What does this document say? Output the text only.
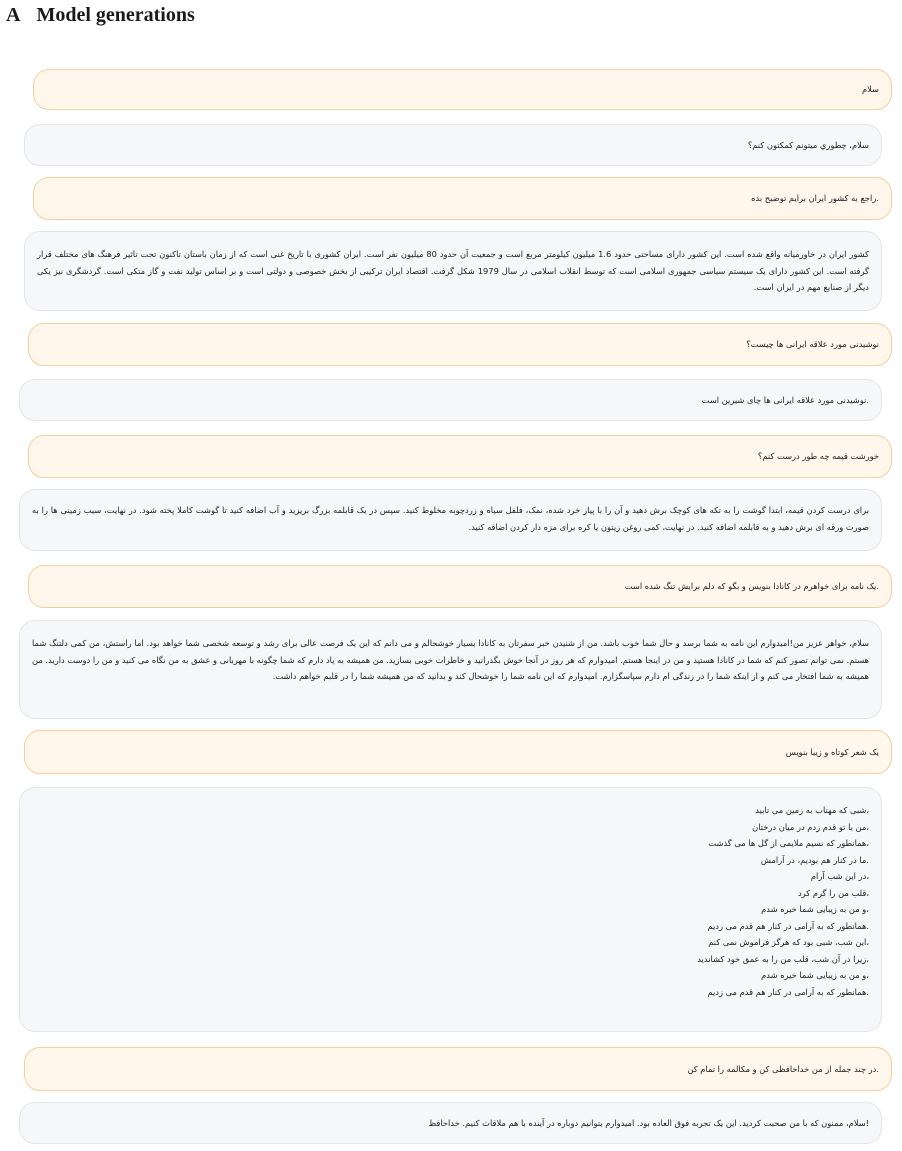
A Model generations
سلام
سلام، چطوري ميتونم كمكتون كنم؟
.راجع به کشور ایران برایم توضیح بده
کشور ایران در خاورمیانه واقع شده است. این کشور دارای مساحتی حدود 1.6 میلیون کیلومتر مربع است و جمعیت آن حدود 80 میلیون نفر است. ایران کشوری با تاریخ غنی است که از زمان باستان تاکنون تحت تاثیر فرهنگ های مختلف قرار گرفته است. این کشور دارای یک سیستم سیاسی جمهوری اسلامی است که توسط انقلاب اسلامی در سال 1979 شکل گرفت. اقتصاد ایران ترکیبی از بخش خصوصی و دولتی است و بر اساس تولید نفت و گاز متکی است. گردشگری نیز یکی دیگر از صنایع مهم در ایران است.
نوشیدنی مورد علاقه ایرانی ها چیست؟
.نوشیدنی مورد علاقه ایرانی ها چای شیرین است
خورشت قیمه چه طور درست کنم؟
برای درست کردن قیمه، ابتدا گوشت را به تکه های کوچک برش دهید و آن را با پیاز خرد شده، نمک، فلفل سیاه و زردچوبه مخلوط کنید. سپس در یک قابلمه بزرگ بریزید و آب اضافه کنید تا گوشت کاملا پخته شود. در نهایت، سیب زمینی ها را به صورت ورقه ای برش دهید و به قابلمه اضافه کنید. در نهایت، کمی روغن زیتون یا کره برای مزه دار کردن اضافه کنید.
.یک نامه برای خواهرم در کانادا بنویس و بگو که دلم برایش تنگ شده است
سلام، خواهر عزیز من!امیدوارم این نامه به شما برسد و حال شما خوب باشد. من از شنیدن خبر سفرتان به کانادا بسیار خوشحالم و می دانم که این یک فرصت عالی برای رشد و توسعه شخصی شما خواهد بود. اما راستش، من کمی دلتنگ شما هستم. نمی توانم تصور کنم که شما در کانادا هستید و من در اینجا هستم. امیدوارم که هر روز در آنجا خوش بگذرانید و خاطرات خوبی بسازید. من همیشه به یاد دارم که شما چگونه با مهربانی و عشق به من نگاه می کنید و من را دوست دارید. من همیشه به شما افتخار می کنم و از اینکه شما را در زندگی ام دارم سپاسگزارم. امیدوارم که این نامه شما را خوشحال کند و بدانید که من همیشه شما را در قلبم خواهم داشت.
یک شعر کوتاه و زیبا بنویس
،شبی که مهتاب به زمین می تابید
،من با تو قدم زدم در میان درختان
،همانطور که نسیم ملایمی از گل ها می گذشت
.ما در کنار هم بودیم، در آرامش
،در این شب آرام
،قلب من را گرم کرد
،و من به زیبایی شما خیره شدم
.همانطور که به آرامی در کنار هم قدم می زدیم
،این شب، شبی بود که هرگز فراموش نمی کنم
،زیرا در آن شب، قلب من را به عمق خود کشاندید
،و من به زیبایی شما خیره شدم
.همانطور که به آرامی در کنار هم قدم می زدیم
.در چند جمله از من خداحافظی کن و مکالمه را تمام کن
!سلام، ممنون که با من صحبت کردید. این یک تجربه فوق العاده بود. امیدوارم بتوانیم دوباره در آینده با هم ملاقات کنیم. خداحافظ
